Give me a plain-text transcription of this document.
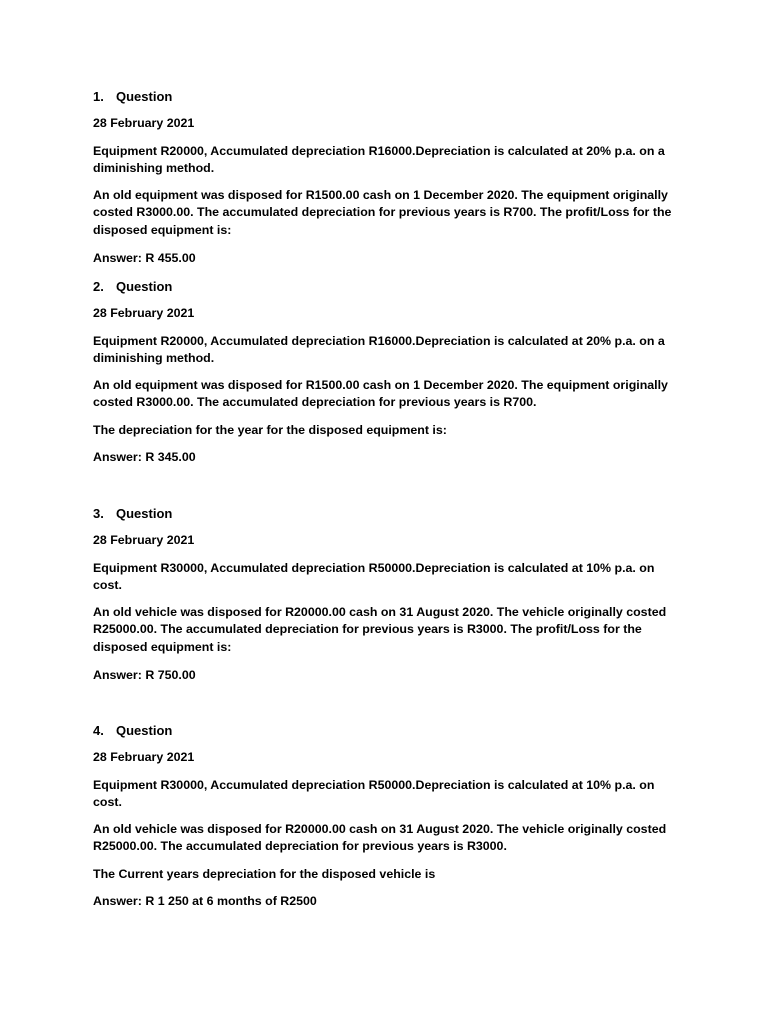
1. Question

28 February 2021

Equipment R20000, Accumulated depreciation R16000.Depreciation is calculated at 20% p.a. on a diminishing method.

An old equipment was disposed for R1500.00 cash on 1 December 2020. The equipment originally costed R3000.00. The accumulated depreciation for previous years is R700. The profit/Loss for the disposed equipment is:

Answer: R 455.00

2. Question

28 February 2021

Equipment R20000, Accumulated depreciation R16000.Depreciation is calculated at 20% p.a. on a diminishing method.

An old equipment was disposed for R1500.00 cash on 1 December 2020. The equipment originally costed R3000.00. The accumulated depreciation for previous years is R700.

The depreciation for the year for the disposed equipment is:

Answer: R 345.00

3. Question

28 February 2021

Equipment R30000, Accumulated depreciation R50000.Depreciation is calculated at 10% p.a. on cost.

An old vehicle was disposed for R20000.00 cash on 31 August 2020. The vehicle originally costed R25000.00. The accumulated depreciation for previous years is R3000. The profit/Loss for the disposed equipment is:

Answer: R 750.00

4. Question

28 February 2021

Equipment R30000, Accumulated depreciation R50000.Depreciation is calculated at 10% p.a. on cost.

An old vehicle was disposed for R20000.00 cash on 31 August 2020. The vehicle originally costed R25000.00. The accumulated depreciation for previous years is R3000.

The Current years depreciation for the disposed vehicle is

Answer: R 1 250 at 6 months of R2500
